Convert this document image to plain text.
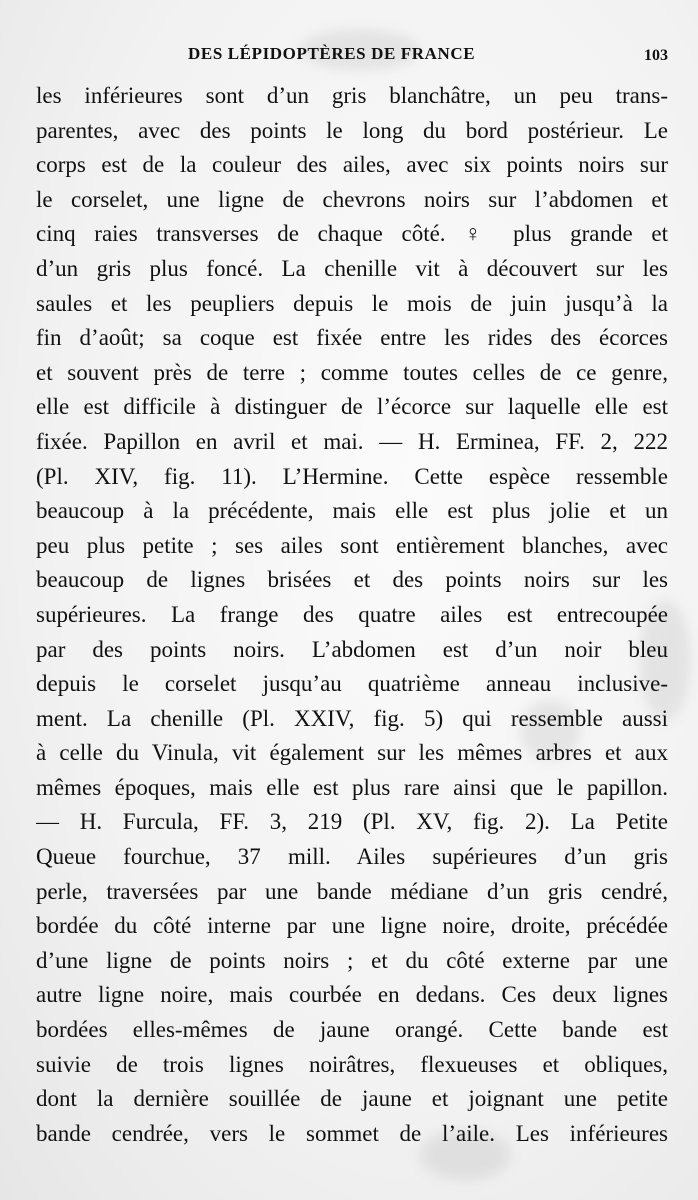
DES LÉPIDOPTÈRES DE FRANCE	103
les inférieures sont d’un gris blanchâtre, un peu trans-
parentes, avec des points le long du bord postérieur. Le
corps est de la couleur des ailes, avec six points noirs sur
le corselet, une ligne de chevrons noirs sur l’abdomen et
cinq raies transverses de chaque côté. ♀ plus grande et
d’un gris plus foncé. La chenille vit à découvert sur les
saules et les peupliers depuis le mois de juin jusqu’à la
fin d’août; sa coque est fixée entre les rides des écorces
et souvent près de terre ; comme toutes celles de ce genre,
elle est difficile à distinguer de l’écorce sur laquelle elle est
fixée. Papillon en avril et mai. — H. Erminea, FF. 2, 222
(Pl. XIV, fig. 11). L’Hermine. Cette espèce ressemble
beaucoup à la précédente, mais elle est plus jolie et un
peu plus petite ; ses ailes sont entièrement blanches, avec
beaucoup de lignes brisées et des points noirs sur les
supérieures. La frange des quatre ailes est entrecoupée
par des points noirs. L’abdomen est d’un noir bleu
depuis le corselet jusqu’au quatrième anneau inclusive-
ment. La chenille (Pl. XXIV, fig. 5) qui ressemble aussi
à celle du Vinula, vit également sur les mêmes arbres et aux
mêmes époques, mais elle est plus rare ainsi que le papillon.
— H. Furcula, FF. 3, 219 (Pl. XV, fig. 2). La Petite
Queue fourchue, 37 mill. Ailes supérieures d’un gris
perle, traversées par une bande médiane d’un gris cendré,
bordée du côté interne par une ligne noire, droite, précédée
d’une ligne de points noirs ; et du côté externe par une
autre ligne noire, mais courbée en dedans. Ces deux lignes
bordées elles-mêmes de jaune orangé. Cette bande est
suivie de trois lignes noirâtres, flexueuses et obliques,
dont la dernière souillée de jaune et joignant une petite
bande cendrée, vers le sommet de l’aile. Les inférieures
